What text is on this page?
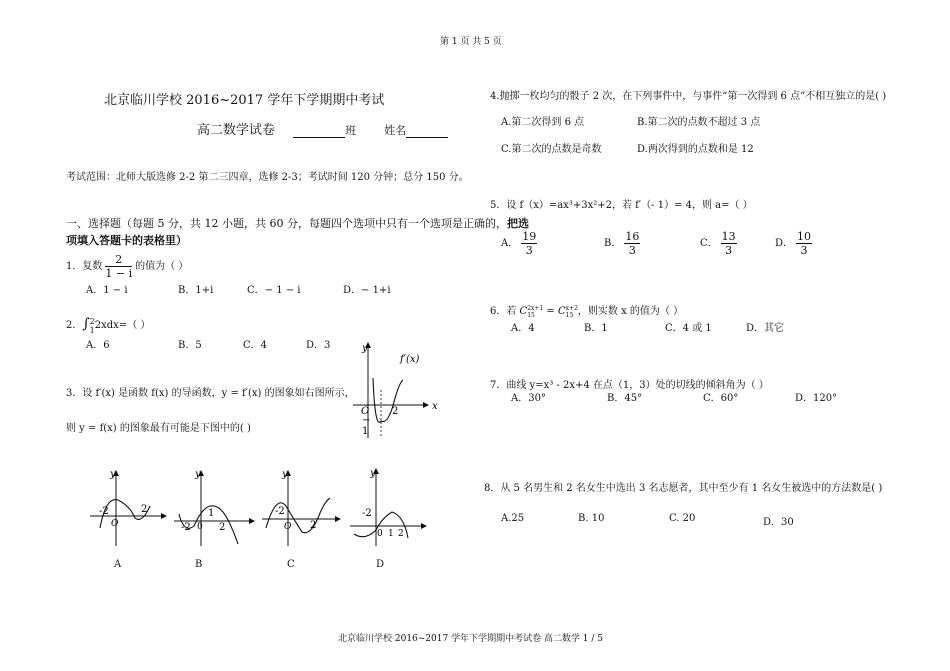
第 1 页 共 5 页
北京临川学校 2016~2017 学年下学期期中考试
高二数学试卷	班	姓名
考试范围：北师大版选修 2-2 第二三四章，选修 2-3；考试时间 120 分钟；总分 150 分。
一、选择题（每题 5 分，共 12 小题，共 60 分，每题四个选项中只有一个选项是正确的，把选
项填入答题卡的表格里）
1．复数 $\frac{2}{1 - i}$ 的值为（ ）
A．1 − i	B．1+i	C．− 1 − i	D．− 1+i
2．∫ 2
1 2xdx=（ ）
A．6	B．5	C．4	D．3
3．设 f′(x) 是函数 f(x) 的导函数，y = f′(x) 的图象如右图所示，
则 y = f(x) 的图象最有可能是下图中的( )
y
x
f′(x)
O 2
−
1
y
-2	2
O
y
1
-2	2
0
y
-2
2
O
y
-2
0 1 2
A	B	C	D
4.抛掷一枚均匀的骰子 2 次，在下列事件中，与事件“第一次得到 6 点”不相互独立的是( )
A.第二次得到 6 点	B.第二次的点数不超过 3 点
C.第二次的点数是奇数	D.两次得到的点数和是 12
5．设 f（x）=ax³+3x²+2，若 f′（- 1）= 4，则 a=（ ）
A． $\frac{19}{3}$	B． $\frac{16}{3}$	C． $\frac{13}{3}$	D． $\frac{10}{3}$
6．若 C 2x+1
15 = C x+2
15 ，则实数 x 的值为（ ）
A．4	B．1	C．4 或 1	D．其它
7．曲线 y=x³ - 2x+4 在点（1，3）处的切线的倾斜角为（ ）
A．30°	B．45°	C．60°	D．120°
8．从 5 名男生和 2 名女生中选出 3 名志愿者，其中至少有 1 名女生被选中的方法数是( )
A.25	B. 10	C. 20	D．30
北京临川学校 2016~2017 学年下学期期中考试卷 高二数学 1 / 5
